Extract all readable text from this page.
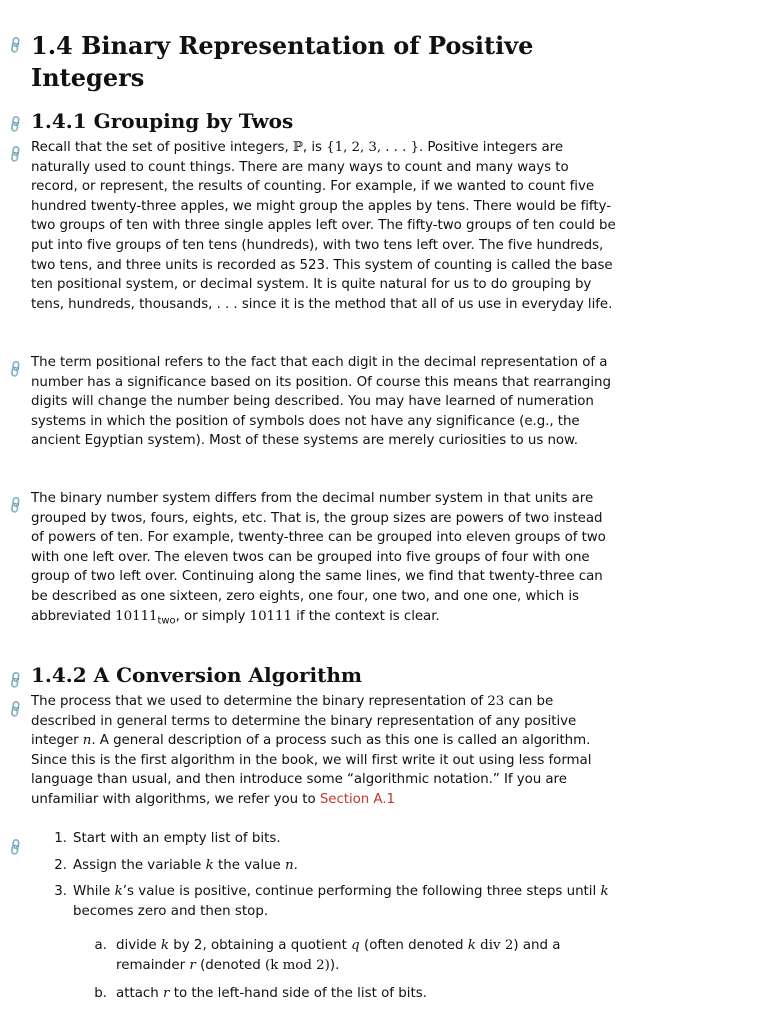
🔗 1.4 Binary Representation of Positive Integers
🔗 1.4.1 Grouping by Twos
🔗 Recall that the set of positive integers, ℙ, is {1, 2, 3, . . . }. Positive integers are naturally used to count things. There are many ways to count and many ways to record, or represent, the results of counting. For example, if we wanted to count five hundred twenty-three apples, we might group the apples by tens. There would be fifty-two groups of ten with three single apples left over. The fifty-two groups of ten could be put into five groups of ten tens (hundreds), with two tens left over. The five hundreds, two tens, and three units is recorded as 523. This system of counting is called the base ten positional system, or decimal system. It is quite natural for us to do grouping by tens, hundreds, thousands, . . . since it is the method that all of us use in everyday life.

🔗 The term positional refers to the fact that each digit in the decimal representation of a number has a significance based on its position. Of course this means that rearranging digits will change the number being described. You may have learned of numeration systems in which the position of symbols does not have any significance (e.g., the ancient Egyptian system). Most of these systems are merely curiosities to us now.

🔗 The binary number system differs from the decimal number system in that units are grouped by twos, fours, eights, etc. That is, the group sizes are powers of two instead of powers of ten. For example, twenty-three can be grouped into eleven groups of two with one left over. The eleven twos can be grouped into five groups of four with one group of two left over. Continuing along the same lines, we find that twenty-three can be described as one sixteen, zero eights, one four, one two, and one one, which is abbreviated $10111_{two}$, or simply 10111 if the context is clear.

🔗 1.4.2 A Conversion Algorithm
🔗 The process that we used to determine the binary representation of 23 can be described in general terms to determine the binary representation of any positive integer n. A general description of a process such as this one is called an algorithm. Since this is the first algorithm in the book, we will first write it out using less formal language than usual, and then introduce some “algorithmic notation.” If you are unfamiliar with algorithms, we refer you to Section A.1

🔗 1. Start with an empty list of bits.
2. Assign the variable k the value n.
3. While k’s value is positive, continue performing the following three steps until k becomes zero and then stop.
a. divide k by 2, obtaining a quotient q (often denoted k div 2) and a remainder r (denoted (k mod 2)).
b. attach r to the left-hand side of the list of bits.
